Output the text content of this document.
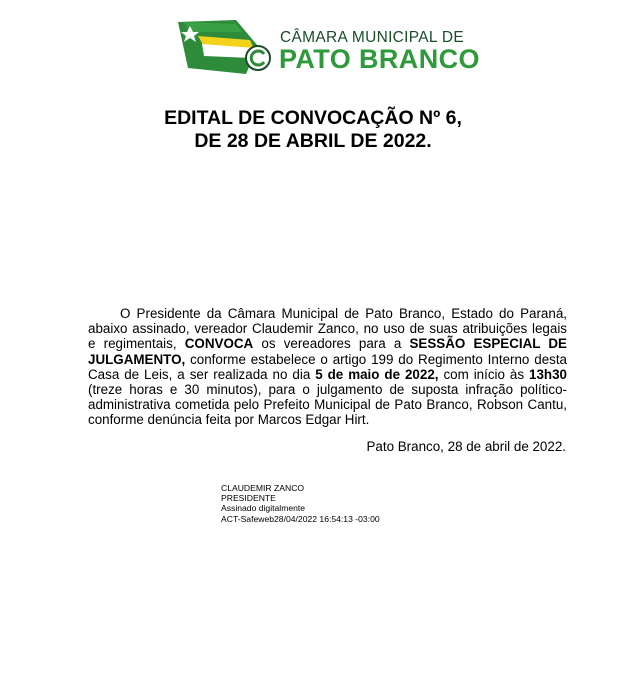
CÂMARA MUNICIPAL DE
PATO BRANCO
EDITAL DE CONVOCAÇÃO Nº 6,
DE 28 DE ABRIL DE 2022.

O Presidente da Câmara Municipal de Pato Branco, Estado do Paraná, abaixo assinado, vereador Claudemir Zanco, no uso de suas atribuições legais e regimentais, CONVOCA os vereadores para a SESSÃO ESPECIAL DE JULGAMENTO, conforme estabelece o artigo 199 do Regimento Interno desta Casa de Leis, a ser realizada no dia 5 de maio de 2022, com início às 13h30 (treze horas e 30 minutos), para o julgamento de suposta infração político-administrativa cometida pelo Prefeito Municipal de Pato Branco, Robson Cantu, conforme denúncia feita por Marcos Edgar Hirt.

Pato Branco, 28 de abril de 2022.
CLAUDEMIR ZANCO
PRESIDENTE
Assinado digitalmente
ACT-Safeweb28/04/2022 16:54:13 -03:00
